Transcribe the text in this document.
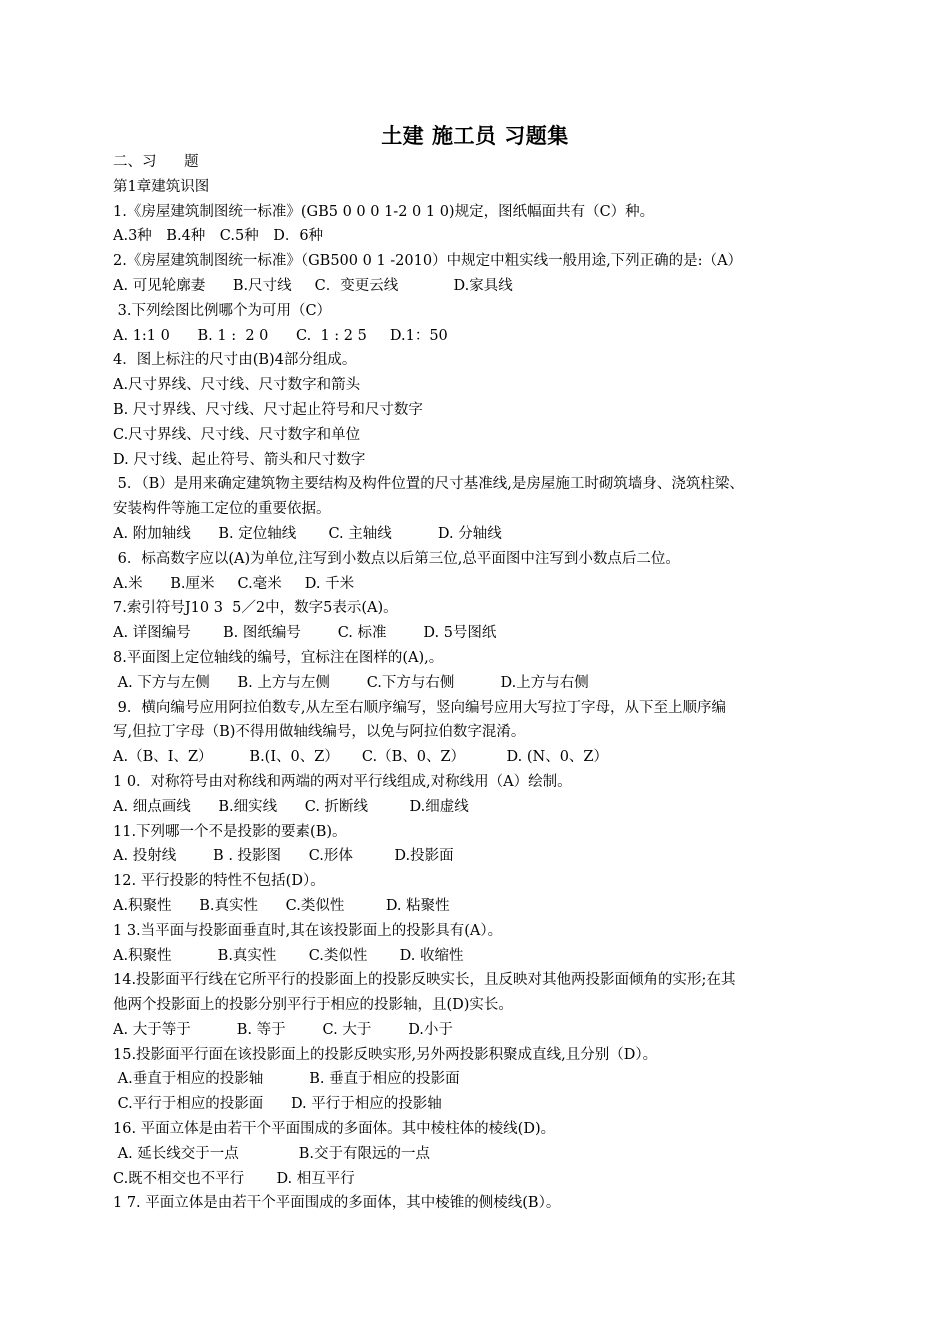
土建 施工员 习题集
二、习      题
第1章建筑识图
1.《房屋建筑制图统一标准》(GB5 0 0 0 1-2 0 1 0)规定，图纸幅面共有（C）种。
A.3种 B.4种 C.5种 D．6种
2.《房屋建筑制图统一标准》（GB500 0 1 -2010）中规定中粗实线一般用途,下列正确的是:（A）
A. 可见轮廓妻      B.尺寸线     C．变更云线            D.家具线
3.下列绘图比例哪个为可用（C）
A. 1:1 0      B. 1 :  2 0      C.  1 : 2 5     D.1：50
4．图上标注的尺寸由(B)4部分组成。
A.尺寸界线、尺寸线、尺寸数字和箭头
B. 尺寸界线、尺寸线、尺寸起止符号和尺寸数字
C.尺寸界线、尺寸线、尺寸数字和单位
D. 尺寸线、起止符号、箭头和尺寸数字
5．（B）是用来确定建筑物主要结构及构件位置的尺寸基准线,是房屋施工时砌筑墙身、浇筑柱梁、
安装构件等施工定位的重要依据。
A. 附加轴线      B. 定位轴线       C. 主轴线          D. 分轴线
6．标高数字应以(A)为单位,注写到小数点以后第三位,总平面图中注写到小数点后二位。
A.米      B.厘米     C.毫米     D. 千米
7.索引符号J10 3  5／2中，数字5表示(A)。
A. 详图编号       B. 图纸编号        C. 标准        D. 5号图纸
8.平面图上定位轴线的编号，宜标注在图样的(A),。
A. 下方与左侧      B. 上方与左侧        C.下方与右侧          D.上方与右侧
9．横向编号应用阿拉伯数专,从左至右顺序编写，竖向编号应用大写拉丁字母，从下至上顺序编
写,但拉丁字母（B)不得用做轴线编号，以免与阿拉伯数字混淆。
A.（B、I、Z）        B.(I、0、Z）     C.（B、0、Z）         D. (N、0、Z）
1 0．对称符号由对称线和两端的两对平行线组成,对称线用（A）绘制。
A. 细点画线      B.细实线      C. 折断线         D.细虚线
11.下列哪一个不是投影的要素(B)。
A. 投射线        B . 投影图      C.形体         D.投影面
12. 平行投影的特性不包括(D）。
A.积聚性      B.真实性      C.类似性         D. 粘聚性
1 3.当平面与投影面垂直时,其在该投影面上的投影具有(A）。
A.积聚性          B.真实性       C.类似性       D. 收缩性
14.投影面平行线在它所平行的投影面上的投影反映实长，且反映对其他两投影面倾角的实形;在其
他两个投影面上的投影分别平行于相应的投影轴，且(D)实长。
A. 大于等于          B. 等于        C. 大于        D.小于
15.投影面平行面在该投影面上的投影反映实形,另外两投影积聚成直线,且分别（D）。
A.垂直于相应的投影轴          B. 垂直于相应的投影面
C.平行于相应的投影面      D. 平行于相应的投影轴
16. 平面立体是由若干个平面围成的多面体。其中棱柱体的棱线(D)。
A. 延长线交于一点             B.交于有限远的一点
C.既不相交也不平行       D. 相互平行
1 7. 平面立体是由若干个平面围成的多面体，其中棱锥的侧棱线(B）。
